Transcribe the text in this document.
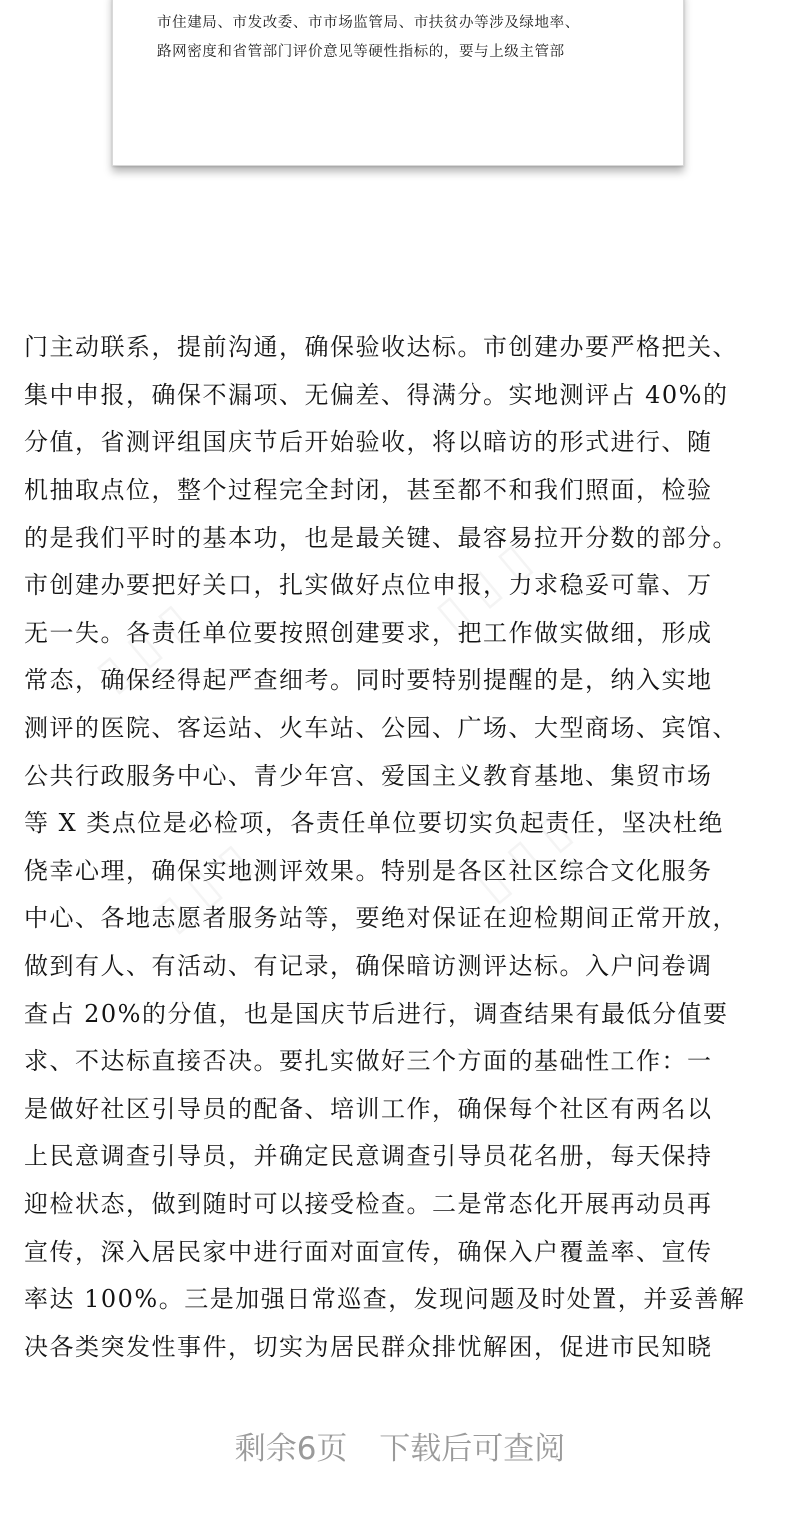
市住建局、市发改委、市市场监管局、市扶贫办等涉及绿地率、
路网密度和省管部门评价意见等硬性指标的，要与上级主管部
门主动联系，提前沟通，确保验收达标。市创建办要严格把关、
集中申报，确保不漏项、无偏差、得满分。实地测评占 40%的
分值，省测评组国庆节后开始验收，将以暗访的形式进行、随
机抽取点位，整个过程完全封闭，甚至都不和我们照面，检验
的是我们平时的基本功，也是最关键、最容易拉开分数的部分。
市创建办要把好关口，扎实做好点位申报，力求稳妥可靠、万
无一失。各责任单位要按照创建要求，把工作做实做细，形成
常态，确保经得起严查细考。同时要特别提醒的是，纳入实地
测评的医院、客运站、火车站、公园、广场、大型商场、宾馆、
公共行政服务中心、青少年宫、爱国主义教育基地、集贸市场
等 X 类点位是必检项，各责任单位要切实负起责任，坚决杜绝
侥幸心理，确保实地测评效果。特别是各区社区综合文化服务
中心、各地志愿者服务站等，要绝对保证在迎检期间正常开放，
做到有人、有活动、有记录，确保暗访测评达标。入户问卷调
查占 20%的分值，也是国庆节后进行，调查结果有最低分值要
求、不达标直接否决。要扎实做好三个方面的基础性工作：一
是做好社区引导员的配备、培训工作，确保每个社区有两名以
上民意调查引导员，并确定民意调查引导员花名册，每天保持
迎检状态，做到随时可以接受检查。二是常态化开展再动员再
宣传，深入居民家中进行面对面宣传，确保入户覆盖率、宣传
率达 100%。三是加强日常巡查，发现问题及时处置，并妥善解
决各类突发性事件，切实为居民群众排忧解困，促进市民知晓
剩余6页 下载后可查阅
